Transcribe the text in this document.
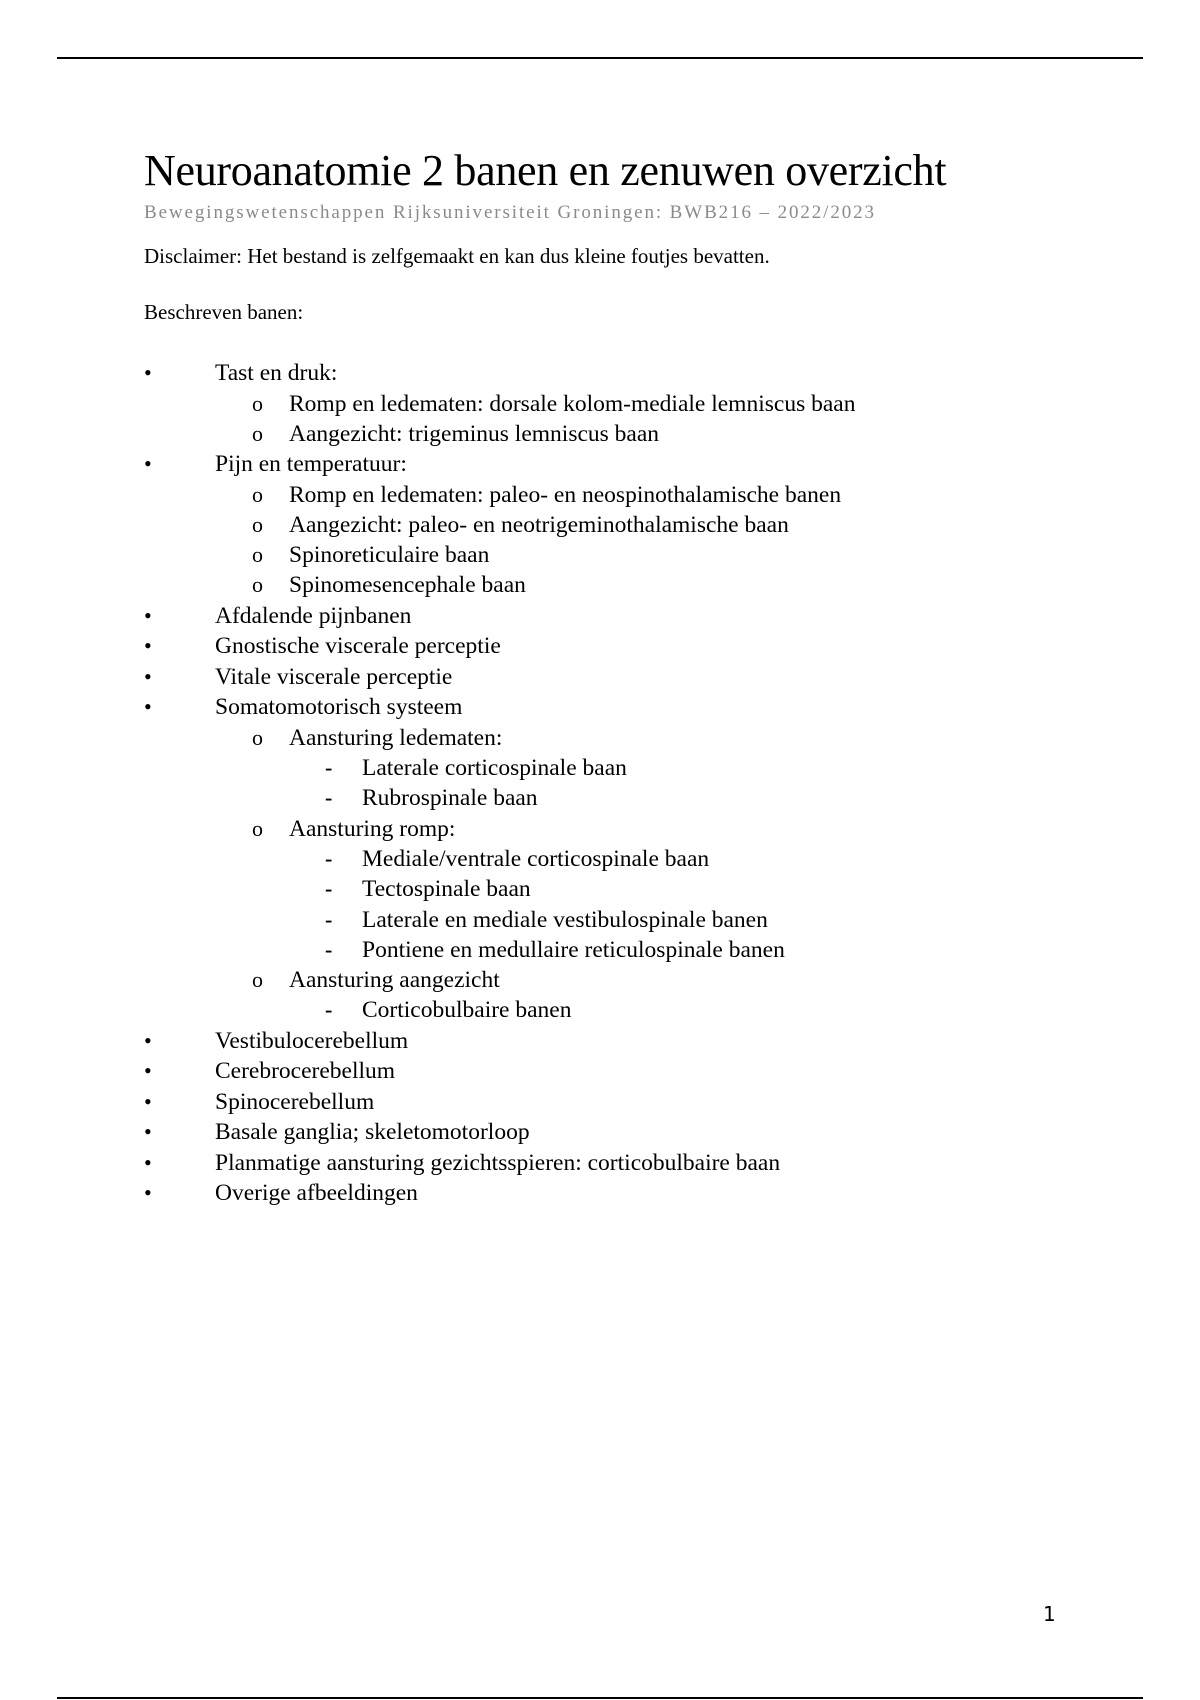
Neuroanatomie 2 banen en zenuwen overzicht

Bewegingswetenschappen Rijksuniversiteit Groningen: BWB216 – 2022/2023

Disclaimer: Het bestand is zelfgemaakt en kan dus kleine foutjes bevatten.

Beschreven banen:

•	Tast en druk:
o Romp en ledematen: dorsale kolom-mediale lemniscus baan
o Aangezicht: trigeminus lemniscus baan
•	Pijn en temperatuur:
o Romp en ledematen: paleo- en neospinothalamische banen
o Aangezicht: paleo- en neotrigeminothalamische baan
o Spinoreticulaire baan
o Spinomesencephale baan
•	Afdalende pijnbanen
•	Gnostische viscerale perceptie
•	Vitale viscerale perceptie
•	Somatomotorisch systeem
o Aansturing ledematen:
- Laterale corticospinale baan
- Rubrospinale baan
o Aansturing romp:
- Mediale/ventrale corticospinale baan
- Tectospinale baan
- Laterale en mediale vestibulospinale banen
- Pontiene en medullaire reticulospinale banen
o Aansturing aangezicht
- Corticobulbaire banen
•	Vestibulocerebellum
•	Cerebrocerebellum
•	Spinocerebellum
•	Basale ganglia; skeletomotorloop
•	Planmatige aansturing gezichtsspieren: corticobulbaire baan
•	Overige afbeeldingen
1
